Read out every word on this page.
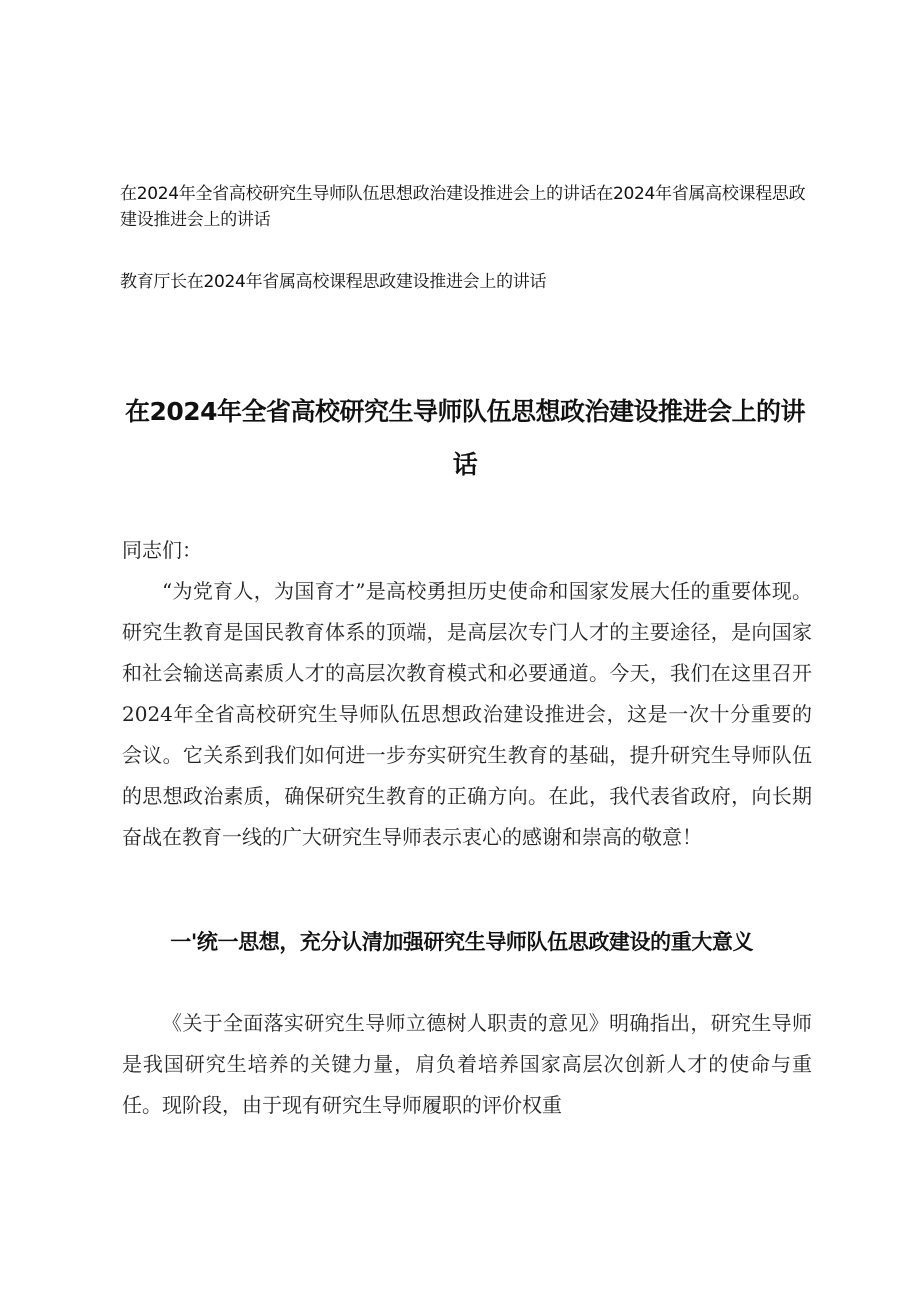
在2024年全省高校研究生导师队伍思想政治建设推进会上的讲话在2024年省属高校课程思政建设推进会上的讲话

教育厅长在2024年省属高校课程思政建设推进会上的讲话

在2024年全省高校研究生导师队伍思想政治建设推进会上的讲话

同志们：

“为党育人，为国育才”是高校勇担历史使命和国家发展大任的重要体现。研究生教育是国民教育体系的顶端，是高层次专门人才的主要途径，是向国家和社会输送高素质人才的高层次教育模式和必要通道。今天，我们在这里召开2024年全省高校研究生导师队伍思想政治建设推进会，这是一次十分重要的会议。它关系到我们如何进一步夯实研究生教育的基础，提升研究生导师队伍的思想政治素质，确保研究生教育的正确方向。在此，我代表省政府，向长期奋战在教育一线的广大研究生导师表示衷心的感谢和崇高的敬意！

一'统一思想，充分认清加强研究生导师队伍思政建设的重大意义

《关于全面落实研究生导师立德树人职责的意见》明确指出，研究生导师是我国研究生培养的关键力量，肩负着培养国家高层次创新人才的使命与重任。现阶段，由于现有研究生导师履职的评价权重
